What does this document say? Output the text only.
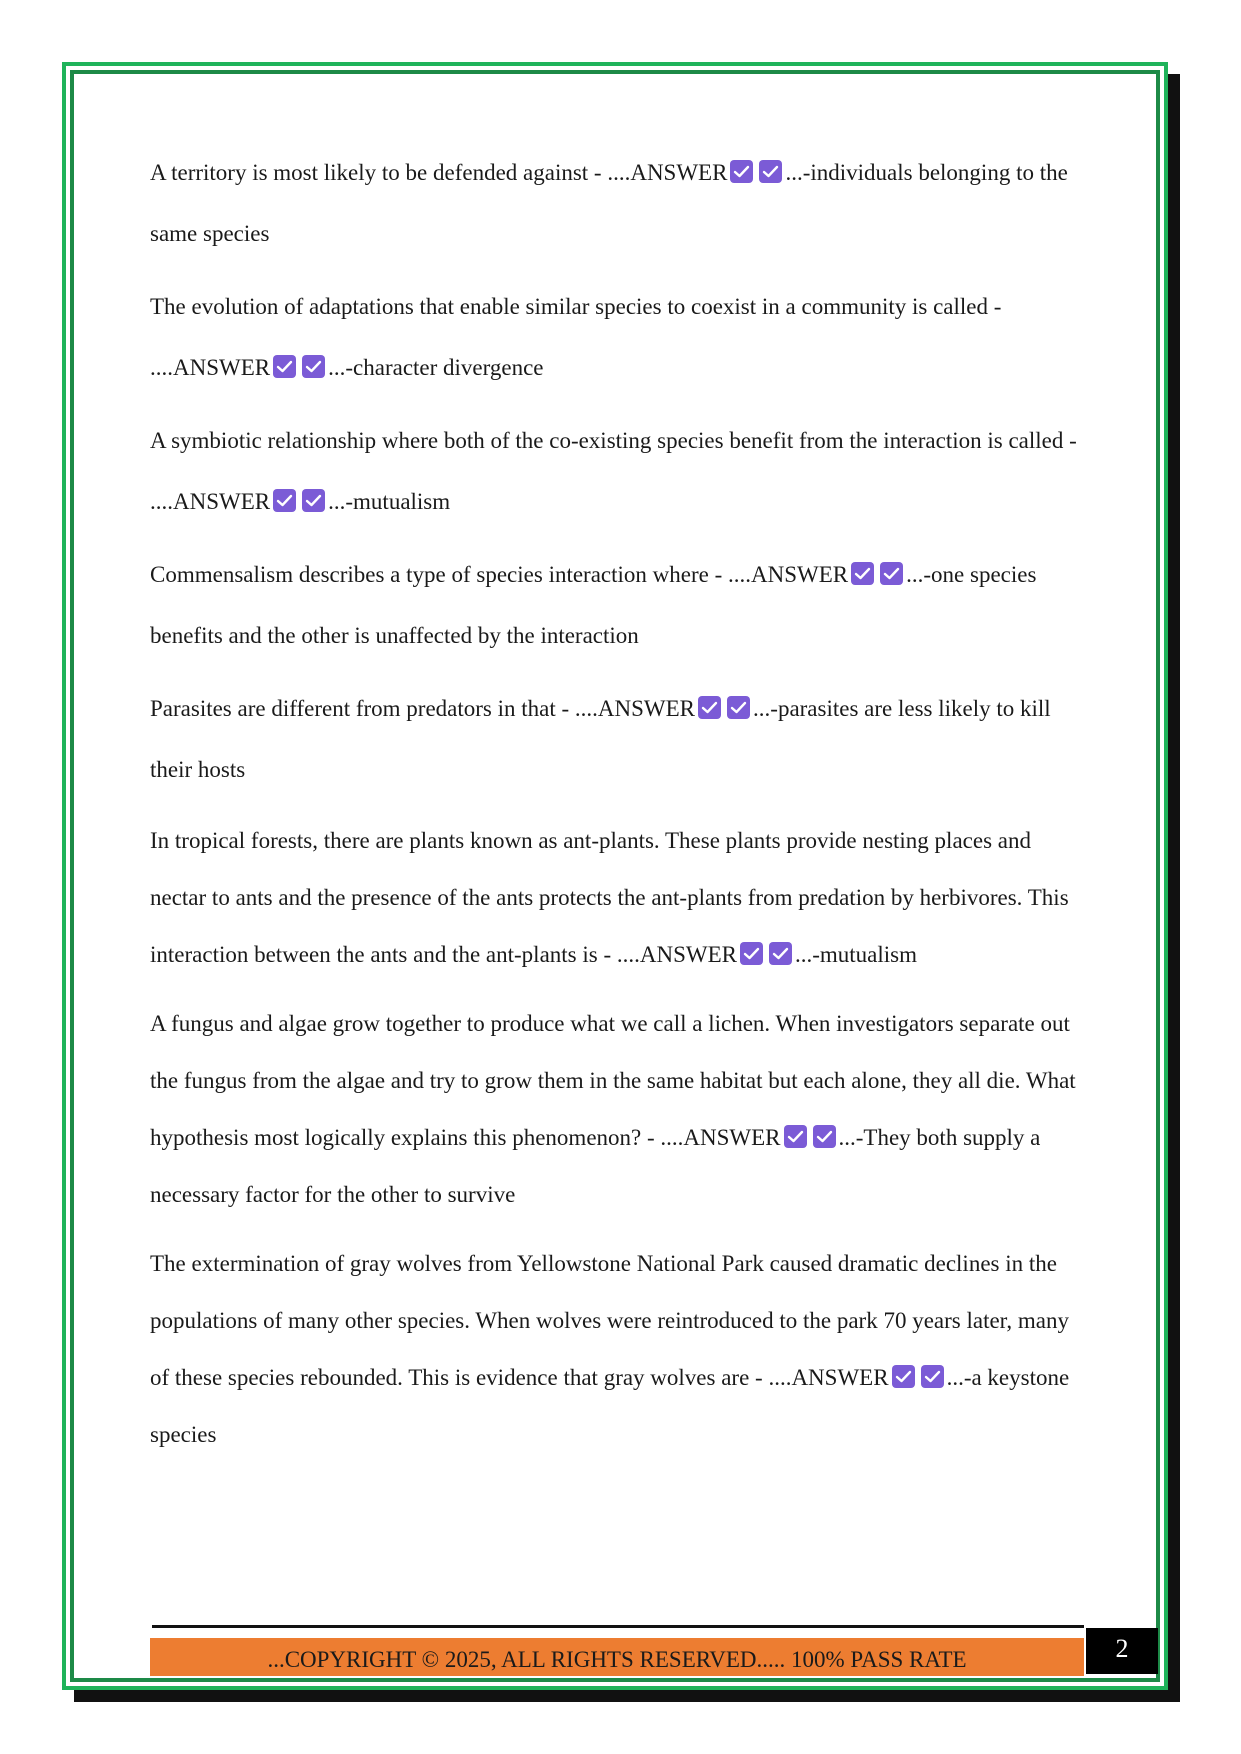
A territory is most likely to be defended against - ....ANSWER	...-individuals belonging to the same species

The evolution of adaptations that enable similar species to coexist in a community is called - ....ANSWER	...-character divergence

A symbiotic relationship where both of the co-existing species benefit from the interaction is called - ....ANSWER	...-mutualism

Commensalism describes a type of species interaction where - ....ANSWER	...-one species benefits and the other is unaffected by the interaction

Parasites are different from predators in that - ....ANSWER	...-parasites are less likely to kill their hosts

In tropical forests, there are plants known as ant-plants. These plants provide nesting places and nectar to ants and the presence of the ants protects the ant-plants from predation by herbivores. This interaction between the ants and the ant-plants is - ....ANSWER	...-mutualism

A fungus and algae grow together to produce what we call a lichen. When investigators separate out the fungus from the algae and try to grow them in the same habitat but each alone, they all die. What hypothesis most logically explains this phenomenon? - ....ANSWER	...-They both supply a necessary factor for the other to survive

The extermination of gray wolves from Yellowstone National Park caused dramatic declines in the populations of many other species. When wolves were reintroduced to the park 70 years later, many of these species rebounded. This is evidence that gray wolves are - ....ANSWER	...-a keystone species

...COPYRIGHT © 2025, ALL RIGHTS RESERVED..... 100% PASS RATE	2
